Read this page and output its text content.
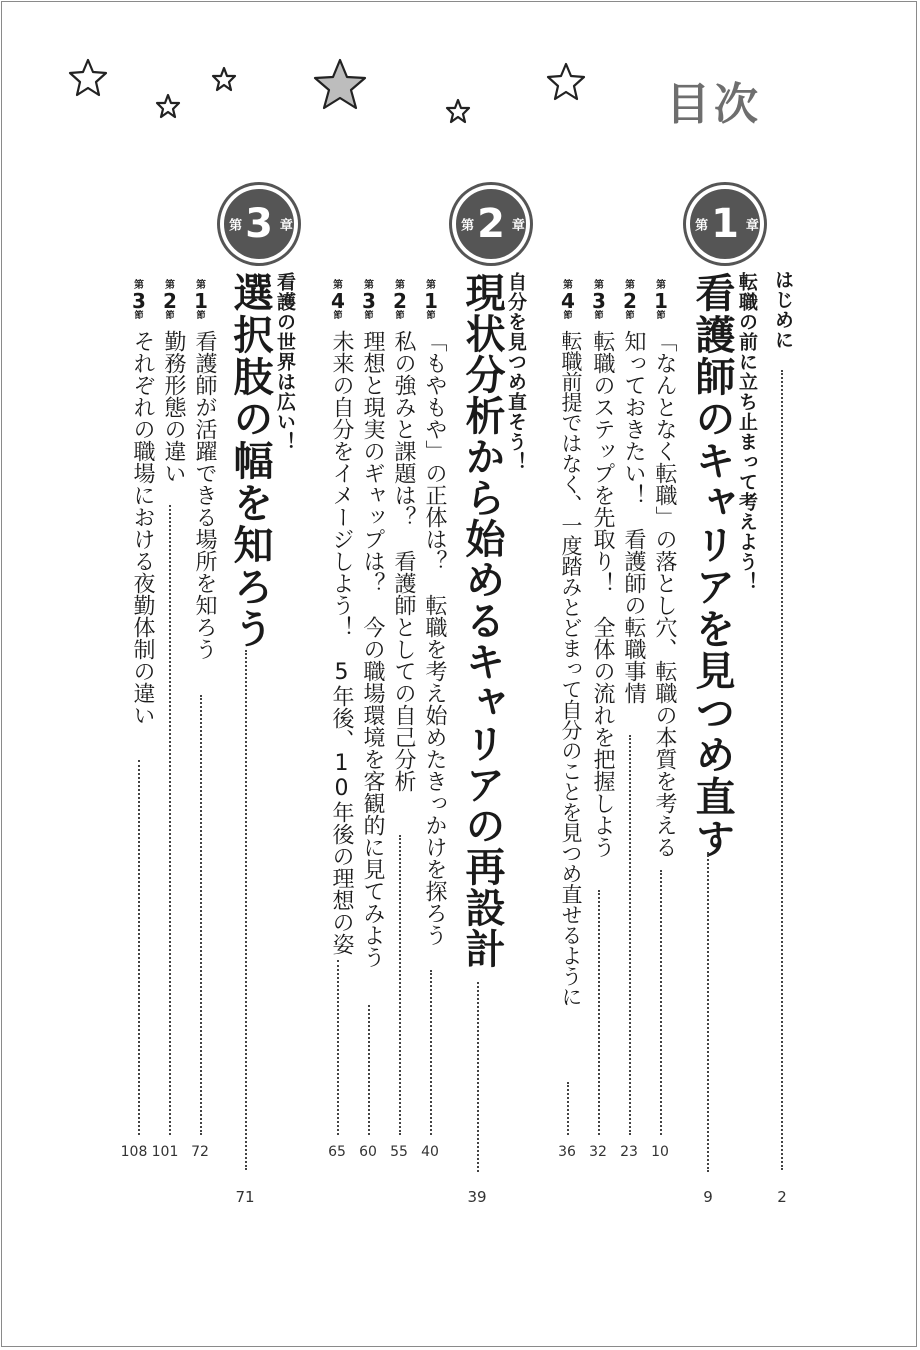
目次
はじめに
2
第 1 章
転職の前に立ち止まって考えよう！
看護師のキャリアを見つめ直す
9
第
1
節
「なんとなく転職」の落とし穴、転職の本質を考える
10
第
2
節
知っておきたい！　看護師の転職事情
23
第
3
節
転職のステップを先取り！　全体の流れを把握しよう
32
第
4
節
転職前提ではなく、一度踏みとどまって自分のことを見つめ直せるように
36
第 2 章
自分を見つめ直そう！
現状分析から始めるキャリアの再設計
39
第
1
節
「もやもや」の正体は？　転職を考え始めたきっかけを探ろう
40
第
2
節
私の強みと課題は？　看護師としての自己分析
55
第
3
節
理想と現実のギャップは？　今の職場環境を客観的に見てみよう
60
第
4
節
未来の自分をイメージしよう！　5年後、10年後の理想の姿
65
第 3 章
看護の世界は広い！
選択肢の幅を知ろう
71
第
1
節
看護師が活躍できる場所を知ろう
72
第
2
節
勤務形態の違い
101
第
3
節
それぞれの職場における夜勤体制の違い
108
